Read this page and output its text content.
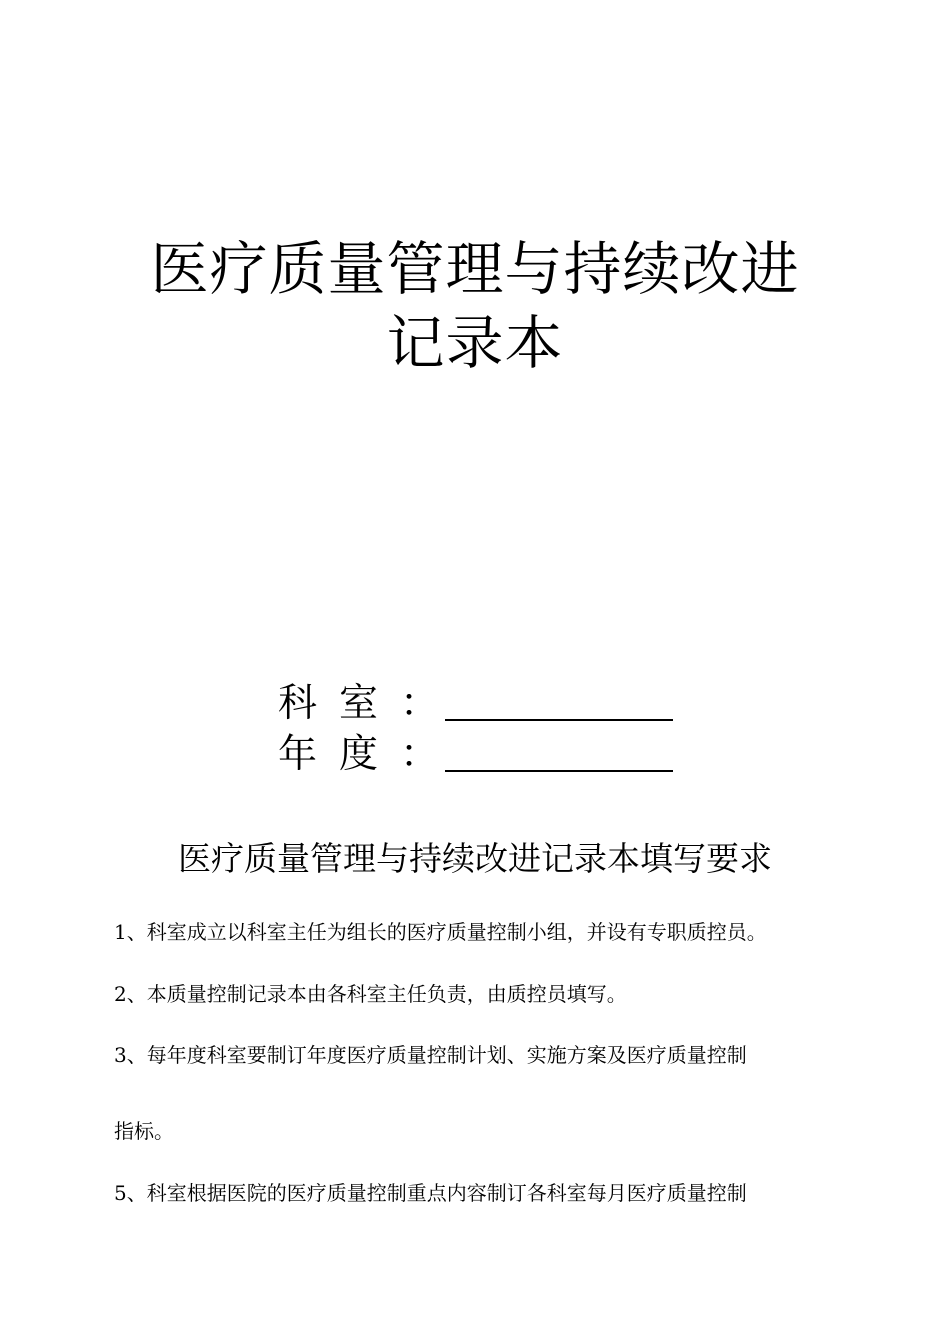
医疗质量管理与持续改进
记录本
科 室 ：
年 度 ：
医疗质量管理与持续改进记录本填写要求
1、科室成立以科室主任为组长的医疗质量控制小组，并设有专职质控员。
2、本质量控制记录本由各科室主任负责，由质控员填写。
3、每年度科室要制订年度医疗质量控制计划、实施方案及医疗质量控制
指标。
5、科室根据医院的医疗质量控制重点内容制订各科室每月医疗质量控制
